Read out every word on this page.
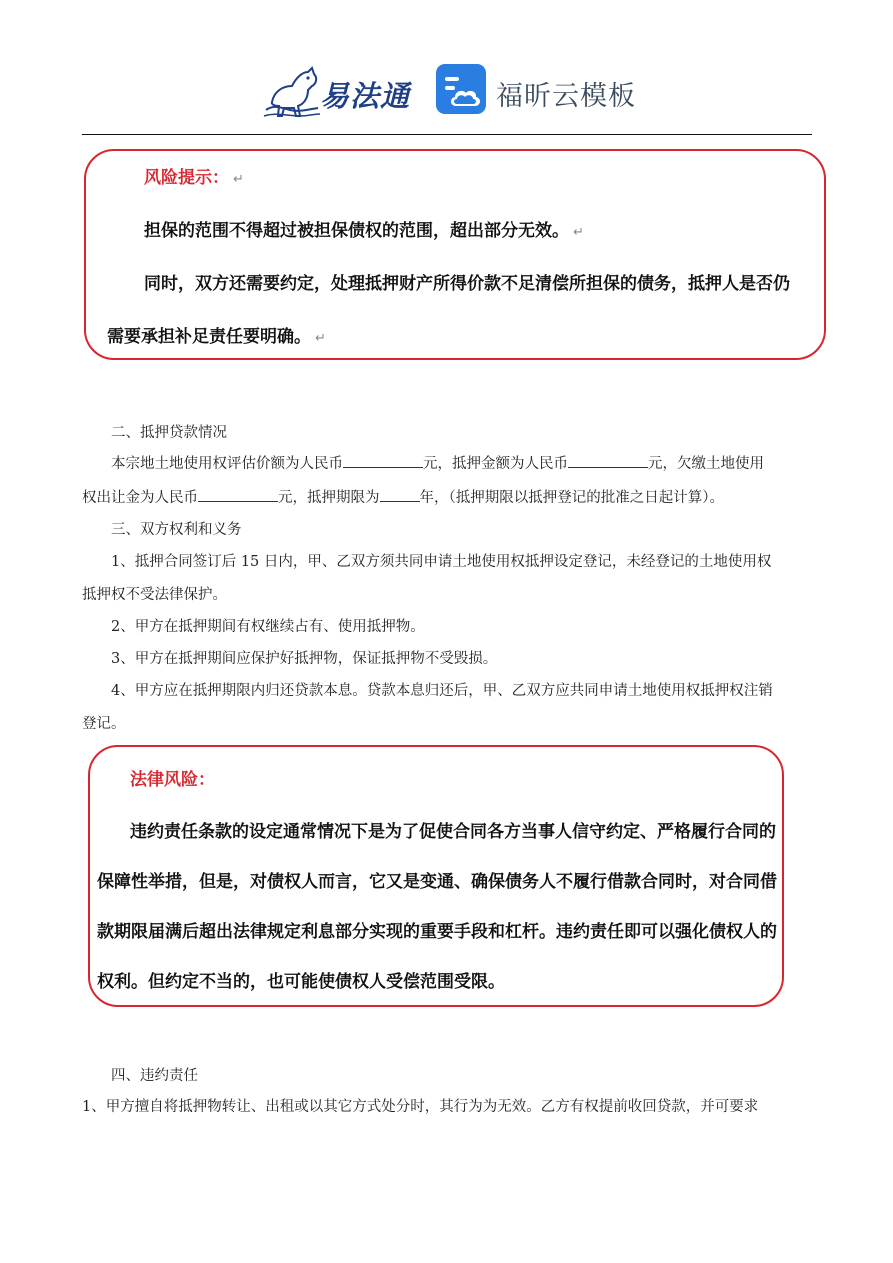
易法通	福昕云模板
风险提示： ↵
担保的范围不得超过被担保债权的范围，超出部分无效。 ↵
同时，双方还需要约定，处理抵押财产所得价款不足清偿所担保的债务，抵押人是否仍
需要承担补足责任要明确。 ↵
二、抵押贷款情况
本宗地土地使用权评估价额为人民币	元，抵押金额为人民币	元，欠缴土地使用
权出让金为人民币	元，抵押期限为	年，（抵押期限以抵押登记的批准之日起计算）。
三、双方权利和义务
1、抵押合同签订后 15 日内，甲、乙双方须共同申请土地使用权抵押设定登记，未经登记的土地使用权
抵押权不受法律保护。
2、甲方在抵押期间有权继续占有、使用抵押物。
3、甲方在抵押期间应保护好抵押物，保证抵押物不受毁损。
4、甲方应在抵押期限内归还贷款本息。贷款本息归还后，甲、乙双方应共同申请土地使用权抵押权注销
登记。
法律风险：
违约责任条款的设定通常情况下是为了促使合同各方当事人信守约定、严格履行合同的
保障性举措，但是，对债权人而言，它又是变通、确保债务人不履行借款合同时，对合同借
款期限届满后超出法律规定利息部分实现的重要手段和杠杆。违约责任即可以强化债权人的
权利。但约定不当的，也可能使债权人受偿范围受限。
四、违约责任
1、甲方擅自将抵押物转让、出租或以其它方式处分时，其行为为无效。乙方有权提前收回贷款，并可要求
